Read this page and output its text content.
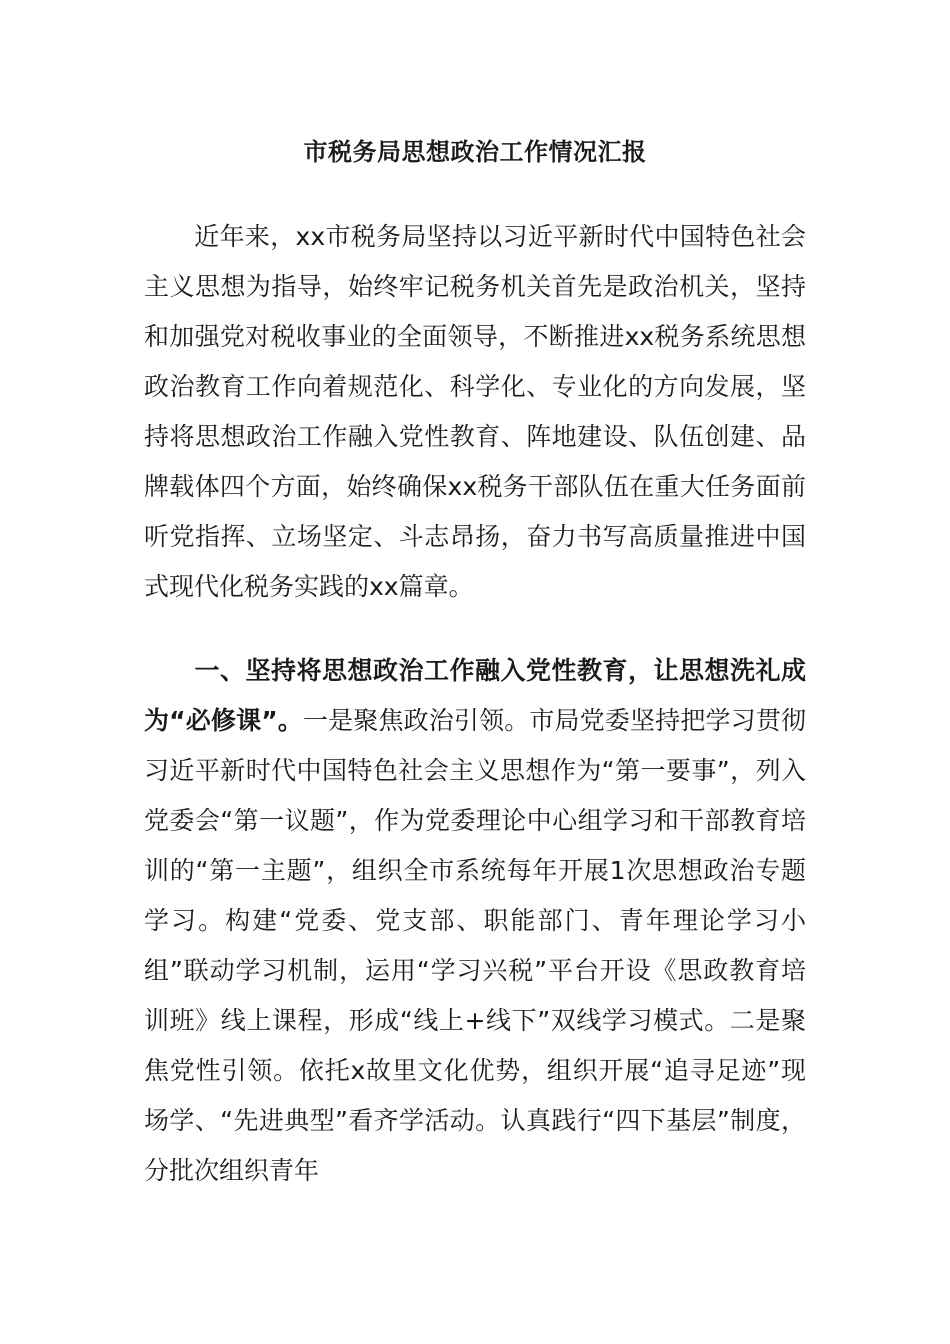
市税务局思想政治工作情况汇报

近年来，xx市税务局坚持以习近平新时代中国特色社会主义思想为指导，始终牢记税务机关首先是政治机关，坚持和加强党对税收事业的全面领导，不断推进xx税务系统思想政治教育工作向着规范化、科学化、专业化的方向发展，坚持将思想政治工作融入党性教育、阵地建设、队伍创建、品牌载体四个方面，始终确保xx税务干部队伍在重大任务面前听党指挥、立场坚定、斗志昂扬，奋力书写高质量推进中国式现代化税务实践的xx篇章。

一、坚持将思想政治工作融入党性教育，让思想洗礼成为“必修课”。一是聚焦政治引领。市局党委坚持把学习贯彻习近平新时代中国特色社会主义思想作为“第一要事”，列入党委会“第一议题”，作为党委理论中心组学习和干部教育培训的“第一主题”，组织全市系统每年开展1次思想政治专题学习。构建“党委、党支部、职能部门、青年理论学习小组”联动学习机制，运用“学习兴税”平台开设《思政教育培训班》线上课程，形成“线上+线下”双线学习模式。二是聚焦党性引领。依托x故里文化优势，组织开展“追寻足迹”现场学、“先进典型”看齐学活动。认真践行“四下基层”制度，分批次组织青年
